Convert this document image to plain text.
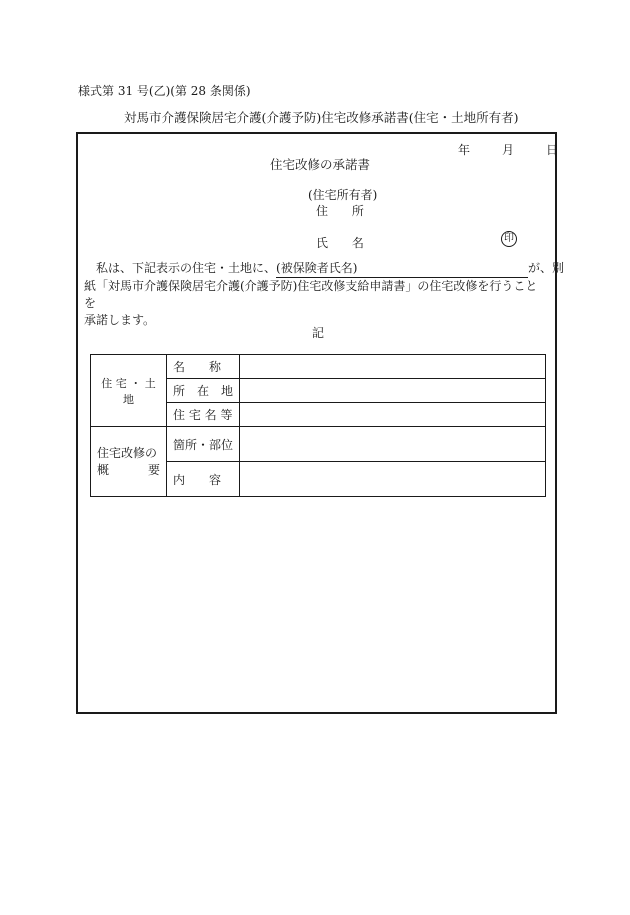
様式第 31 号(乙)(第 28 条関係)
対馬市介護保険居宅介護(介護予防)住宅改修承諾書(住宅・土地所有者)
年	月	日
住宅改修の承諾書
(住宅所有者)
住 所
氏 名	印
私は、下記表示の住宅・土地に、 (被保険者氏名)	が、別
紙「対馬市介護保険居宅介護(介護予防)住宅改修支給申請書」の住宅改修を行うことを
承諾します。
記
住 宅 ・ 土 地	名　　称	
	所　在　地	
	住 宅 名 等	

住宅改修の
概 要	箇所・部位	
	内　　容	
